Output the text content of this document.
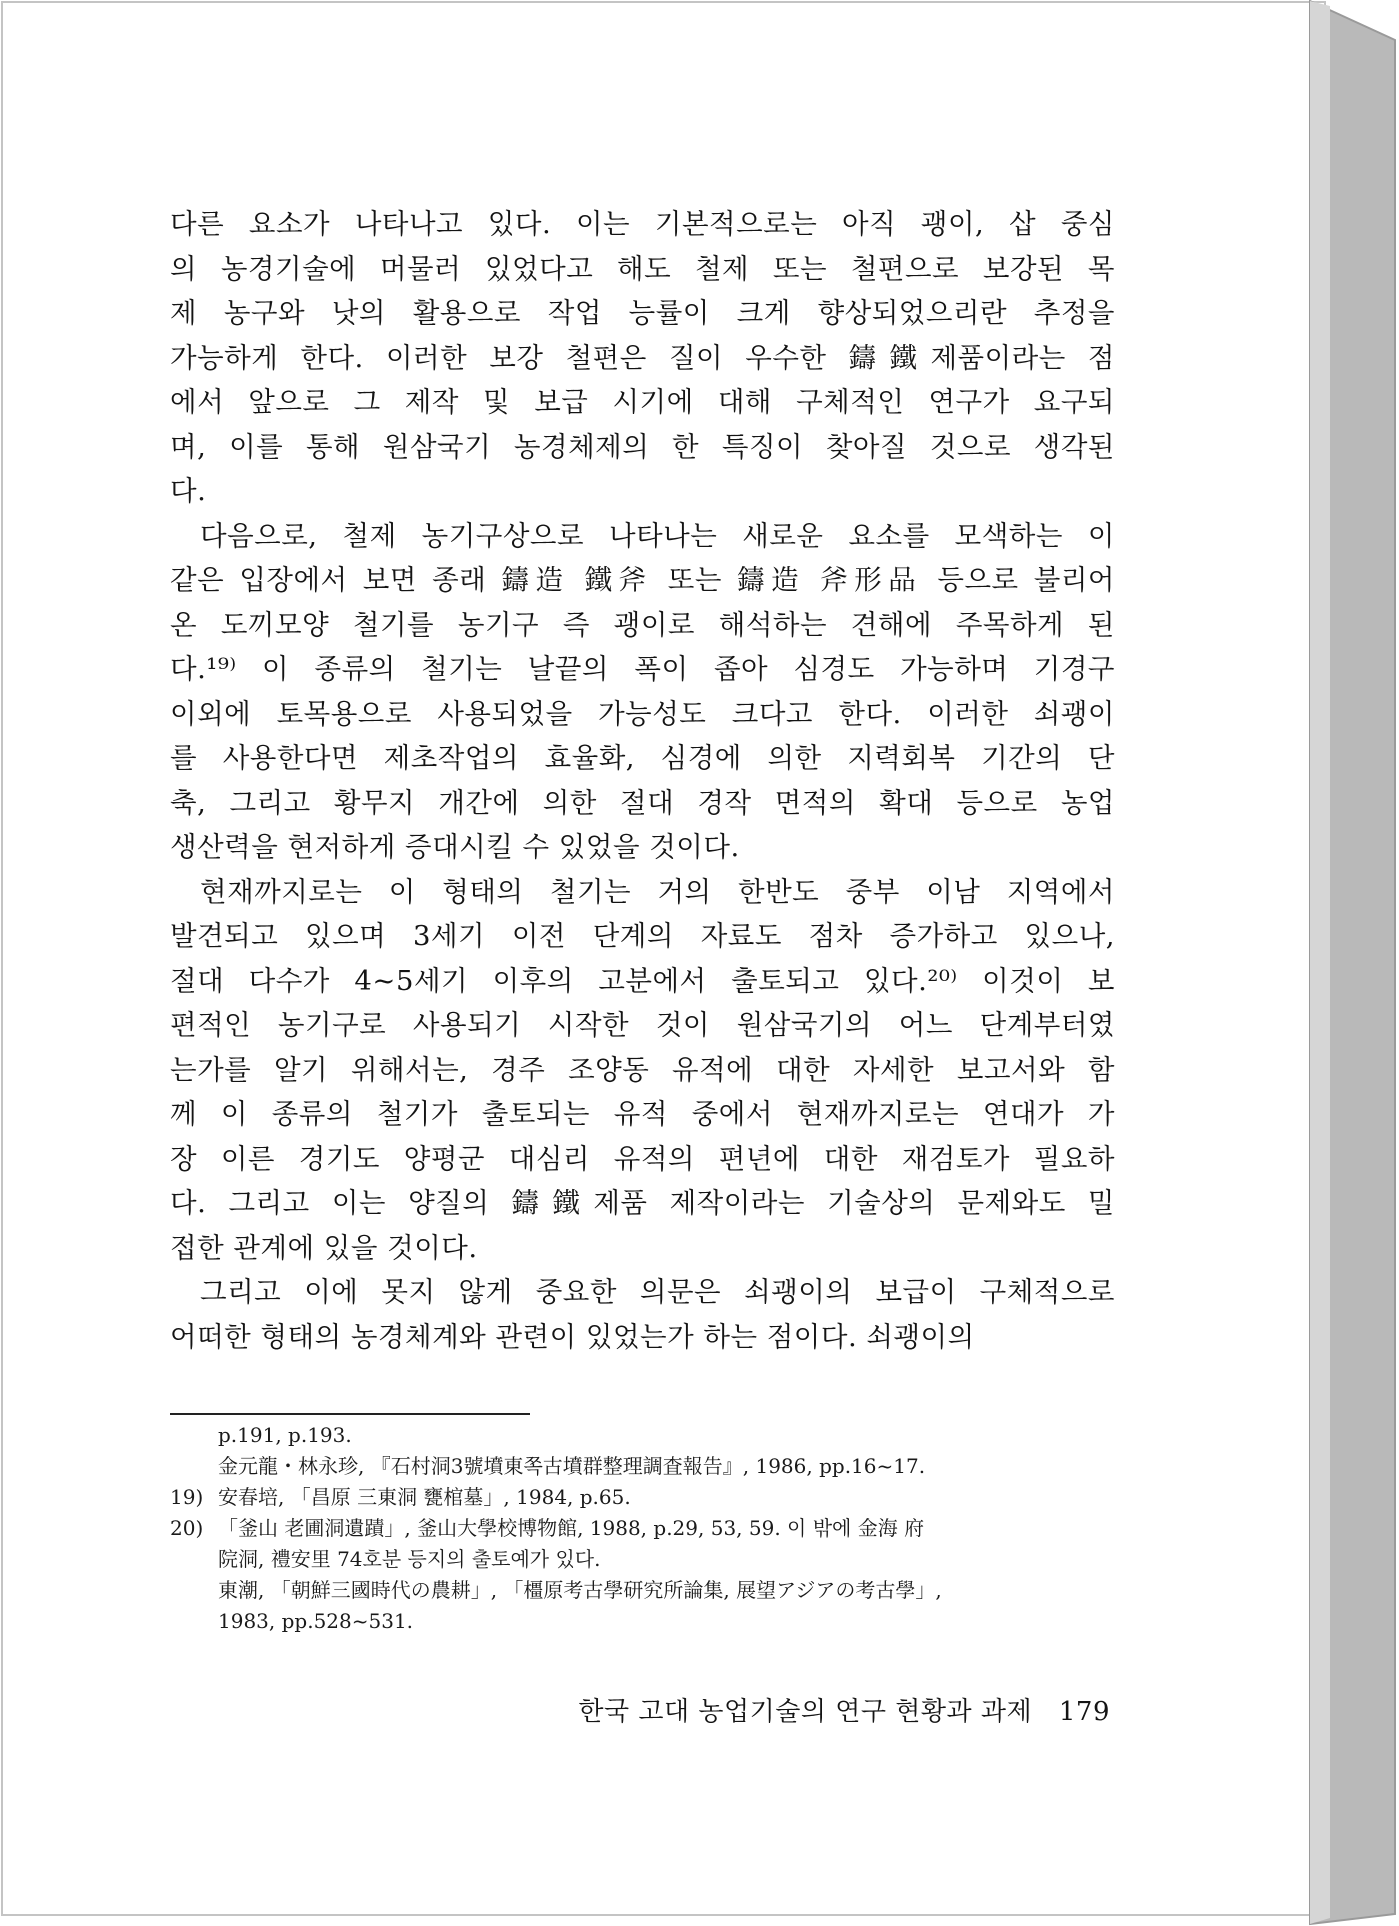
다른 요소가 나타나고 있다. 이는 기본적으로는 아직 괭이, 삽 중심
의 농경기술에 머물러 있었다고 해도 철제 또는 철편으로 보강된 목
제 농구와 낫의 활용으로 작업 능률이 크게 향상되었으리란 추정을
가능하게 한다. 이러한 보강 철편은 질이 우수한 鑄鐵제품이라는 점
에서 앞으로 그 제작 및 보급 시기에 대해 구체적인 연구가 요구되
며, 이를 통해 원삼국기 농경체제의 한 특징이 찾아질 것으로 생각된
다.
다음으로, 철제 농기구상으로 나타나는 새로운 요소를 모색하는 이
같은 입장에서 보면 종래 鑄造 鐵斧 또는 鑄造 斧形品 등으로 불리어
온 도끼모양 철기를 농기구 즉 괭이로 해석하는 견해에 주목하게 된
다.¹⁹⁾ 이 종류의 철기는 날끝의 폭이 좁아 심경도 가능하며 기경구
이외에 토목용으로 사용되었을 가능성도 크다고 한다. 이러한 쇠괭이
를 사용한다면 제초작업의 효율화, 심경에 의한 지력회복 기간의 단
축, 그리고 황무지 개간에 의한 절대 경작 면적의 확대 등으로 농업
생산력을 현저하게 증대시킬 수 있었을 것이다.
현재까지로는 이 형태의 철기는 거의 한반도 중부 이남 지역에서
발견되고 있으며 3세기 이전 단계의 자료도 점차 증가하고 있으나,
절대 다수가 4~5세기 이후의 고분에서 출토되고 있다.²⁰⁾ 이것이 보
편적인 농기구로 사용되기 시작한 것이 원삼국기의 어느 단계부터였
는가를 알기 위해서는, 경주 조양동 유적에 대한 자세한 보고서와 함
께 이 종류의 철기가 출토되는 유적 중에서 현재까지로는 연대가 가
장 이른 경기도 양평군 대심리 유적의 편년에 대한 재검토가 필요하
다. 그리고 이는 양질의 鑄鐵제품 제작이라는 기술상의 문제와도 밀
접한 관계에 있을 것이다.
그리고 이에 못지 않게 중요한 의문은 쇠괭이의 보급이 구체적으로
어떠한 형태의 농경체계와 관련이 있었는가 하는 점이다. 쇠괭이의
p.191, p.193.
金元龍・林永珍, 『石村洞3號墳東쪽古墳群整理調査報告』, 1986, pp.16~17.
19) 安春培, 「昌原 三東洞 甕棺墓」, 1984, p.65.
20) 「釜山 老圃洞遺蹟」, 釜山大學校博物館, 1988, p.29, 53, 59. 이 밖에 金海 府
院洞, 禮安里 74호분 등지의 출토예가 있다.
東潮, 「朝鮮三國時代の農耕」, 「橿原考古學研究所論集, 展望アジアの考古學」,
1983, pp.528~531.
한국 고대 농업기술의 연구 현황과 과제 179
